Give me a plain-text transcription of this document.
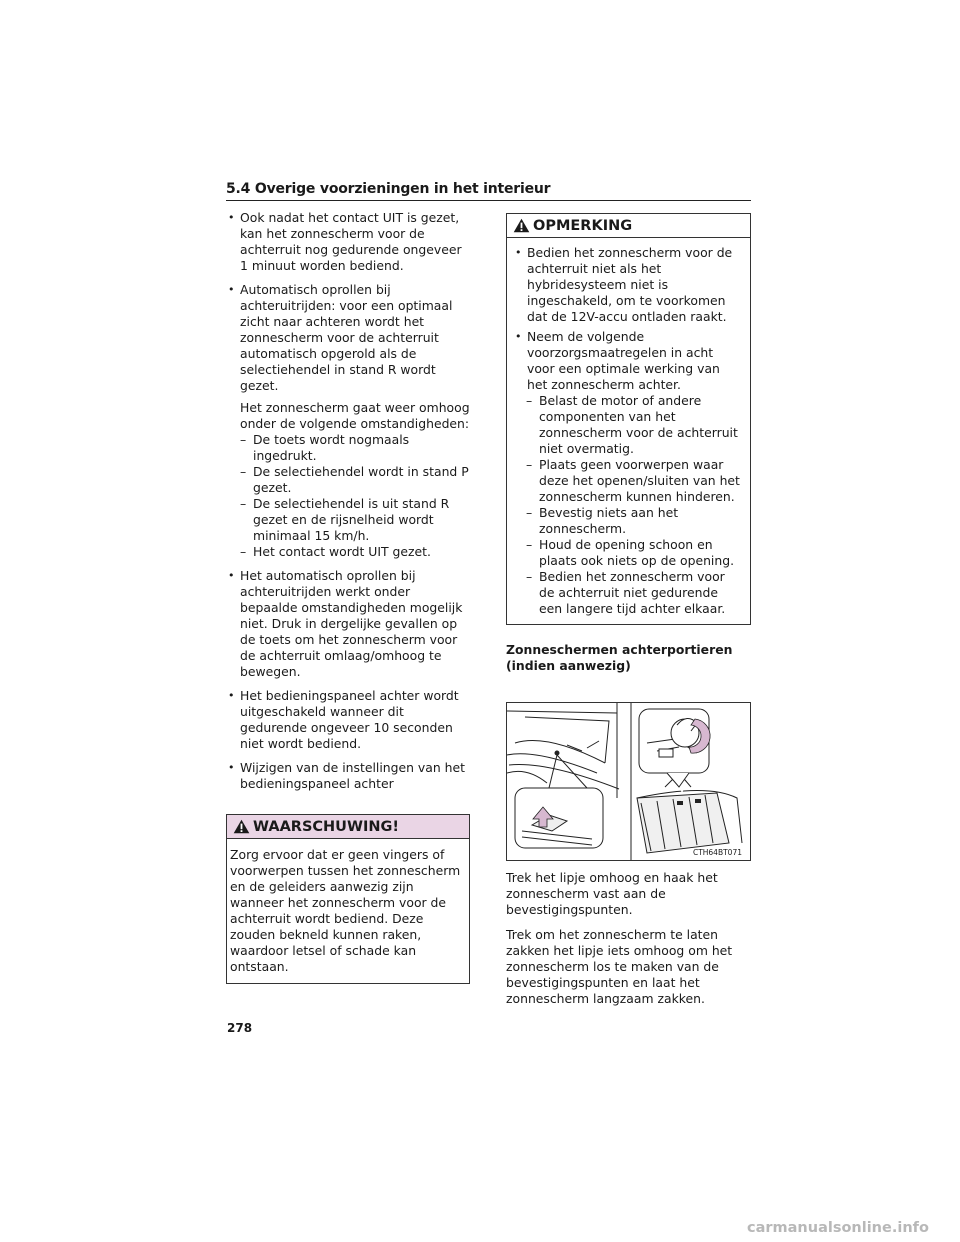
5.4 Overige voorzieningen in het interieur
• Ook nadat het contact UIT is gezet, kan het zonnescherm voor de achterruit nog gedurende ongeveer 1 minuut worden bediend.
• Automatisch oprollen bij achteruitrijden: voor een optimaal zicht naar achteren wordt het zonnescherm voor de achterruit automatisch opgerold als de selectiehendel in stand R wordt gezet.
Het zonnescherm gaat weer omhoog onder de volgende omstandigheden:
– De toets wordt nogmaals ingedrukt.
– De selectiehendel wordt in stand P gezet.
– De selectiehendel is uit stand R gezet en de rijsnelheid wordt minimaal 15 km/h.
– Het contact wordt UIT gezet.
• Het automatisch oprollen bij achteruitrijden werkt onder bepaalde omstandigheden mogelijk niet. Druk in dergelijke gevallen op de toets om het zonnescherm voor de achterruit omlaag/omhoog te bewegen.
• Het bedieningspaneel achter wordt uitgeschakeld wanneer dit gedurende ongeveer 10 seconden niet wordt bediend.
• Wijzigen van de instellingen van het bedieningspaneel achter
WAARSCHUWING!
Zorg ervoor dat er geen vingers of voorwerpen tussen het zonnescherm en de geleiders aanwezig zijn wanneer het zonnescherm voor de achterruit wordt bediend. Deze zouden bekneld kunnen raken, waardoor letsel of schade kan ontstaan.
OPMERKING
• Bedien het zonnescherm voor de achterruit niet als het hybridesysteem niet is ingeschakeld, om te voorkomen dat de 12V-accu ontladen raakt.
• Neem de volgende voorzorgsmaatregelen in acht voor een optimale werking van het zonnescherm achter.
– Belast de motor of andere componenten van het zonnescherm voor de achterruit niet overmatig.
– Plaats geen voorwerpen waar deze het openen/sluiten van het zonnescherm kunnen hinderen.
– Bevestig niets aan het zonnescherm.
– Houd de opening schoon en plaats ook niets op de opening.
– Bedien het zonnescherm voor de achterruit niet gedurende een langere tijd achter elkaar.
Zonneschermen achterportieren
(indien aanwezig)
CTH64BT071
Trek het lipje omhoog en haak het zonnescherm vast aan de bevestigingspunten.
Trek om het zonnescherm te laten zakken het lipje iets omhoog om het zonnescherm los te maken van de bevestigingspunten en laat het zonnescherm langzaam zakken.
278
carmanualsonline.info
